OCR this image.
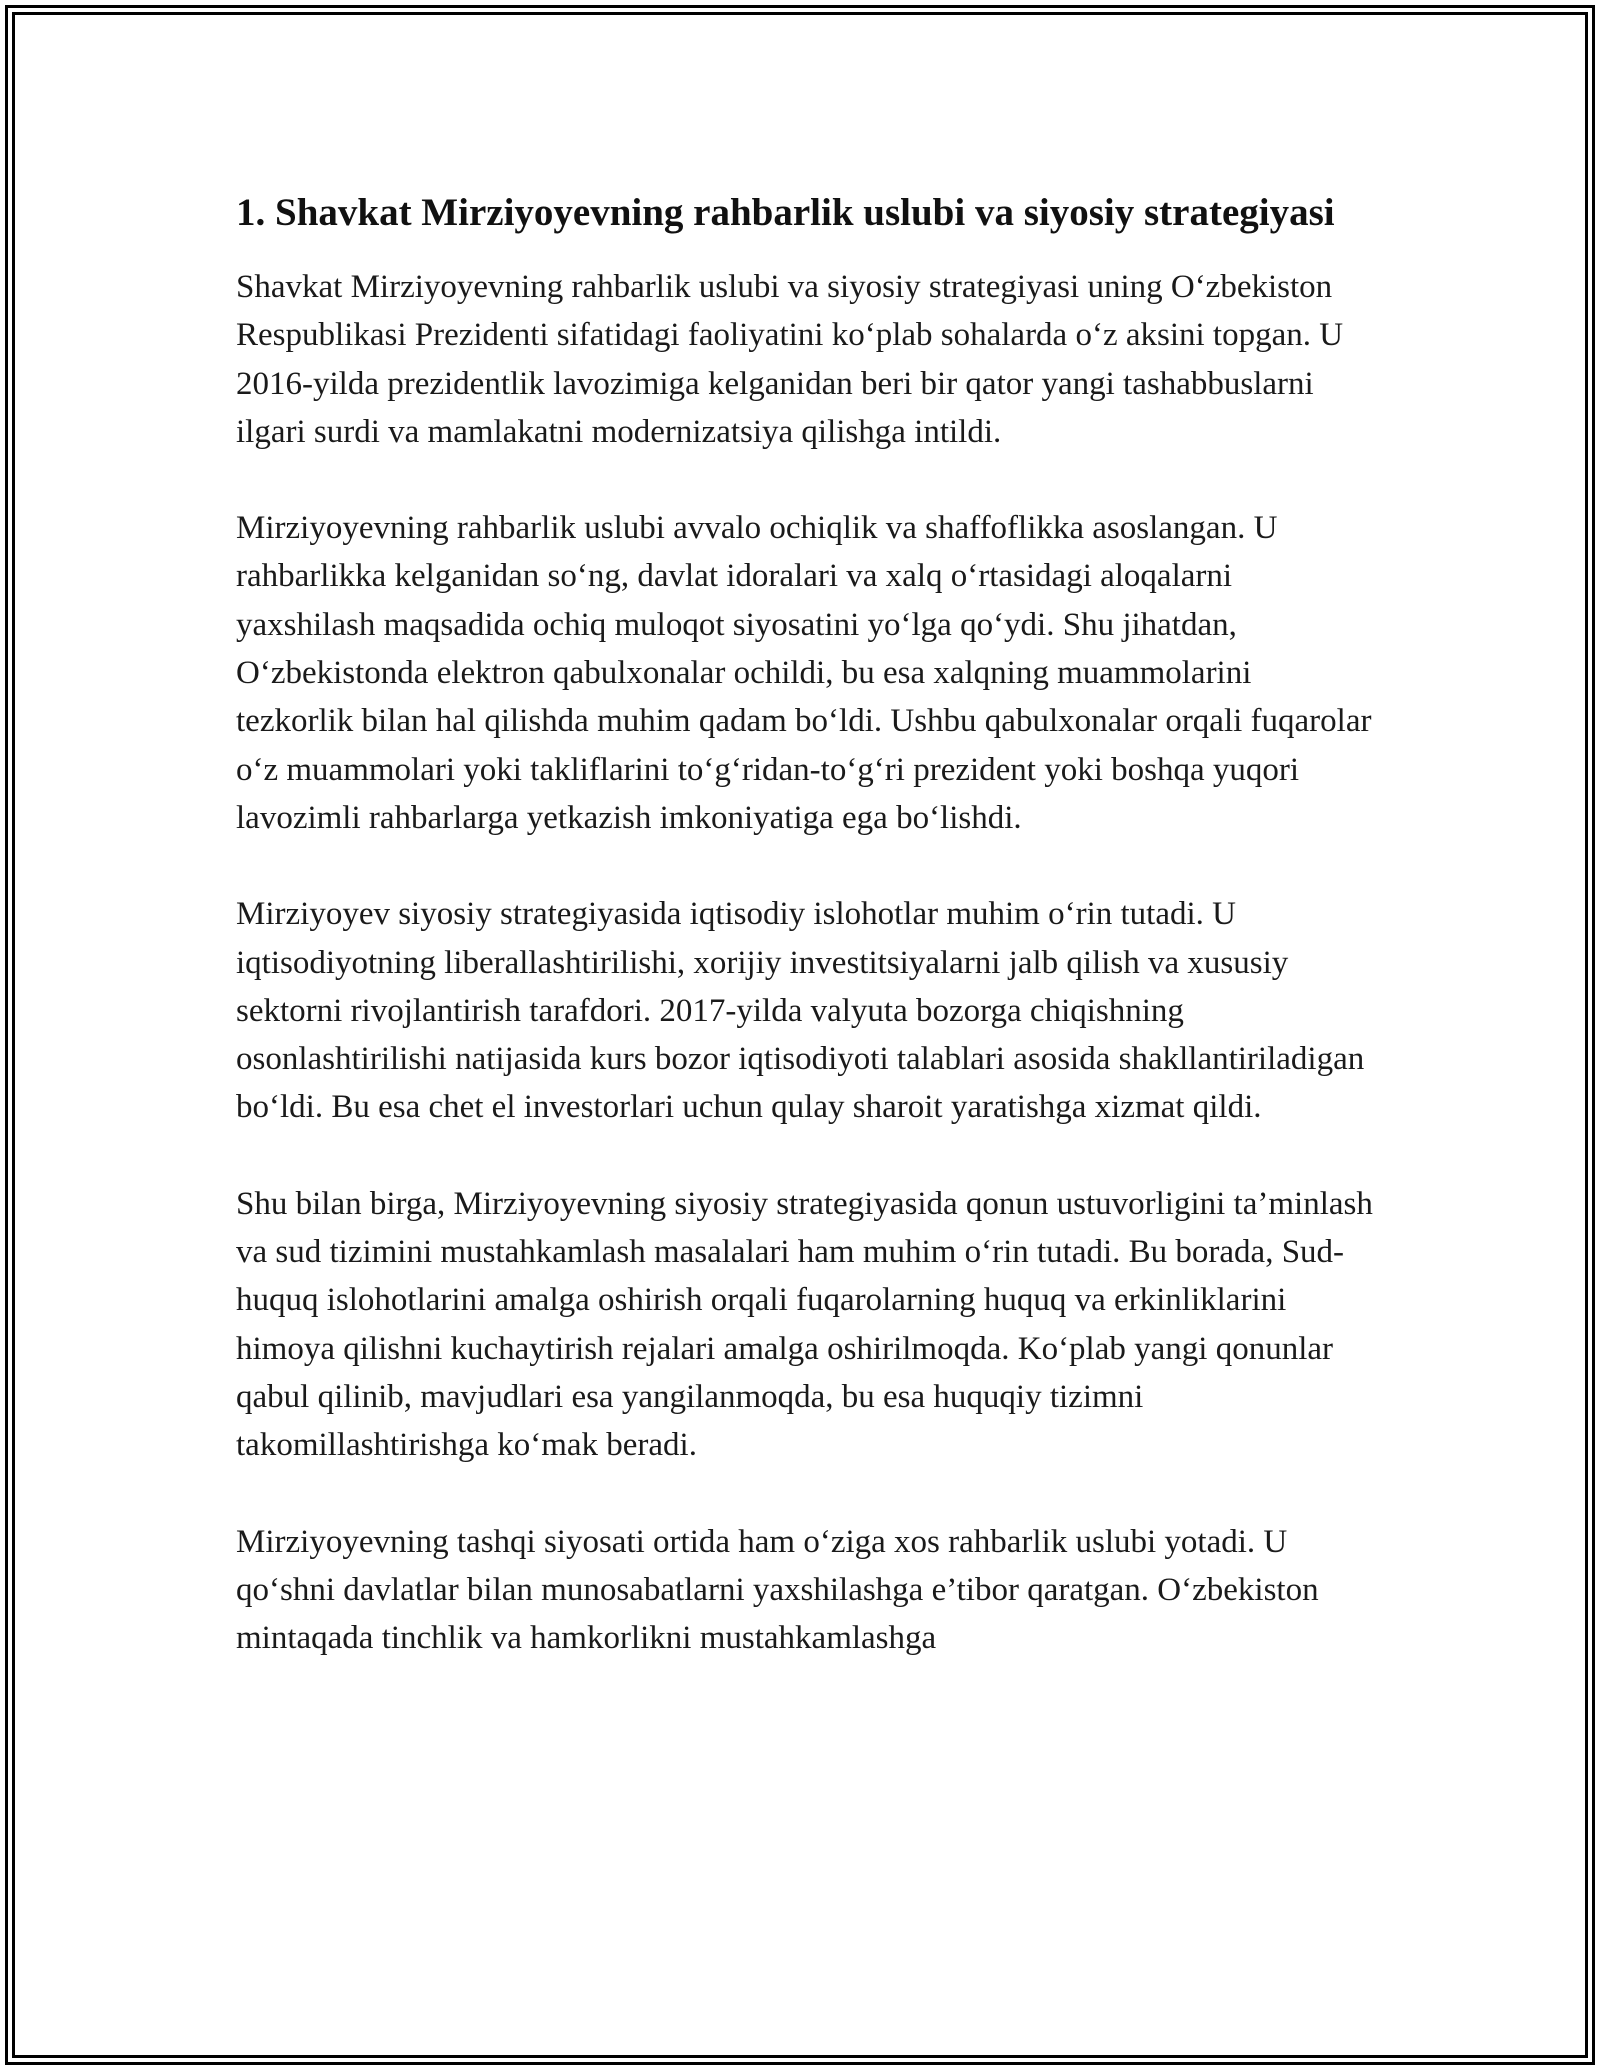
1. Shavkat Mirziyoyevning rahbarlik uslubi va siyosiy strategiyasi

Shavkat Mirziyoyevning rahbarlik uslubi va siyosiy strategiyasi uning O‘zbekiston Respublikasi Prezidenti sifatidagi faoliyatini ko‘plab sohalarda o‘z aksini topgan. U 2016-yilda prezidentlik lavozimiga kelganidan beri bir qator yangi tashabbuslarni ilgari surdi va mamlakatni modernizatsiya qilishga intildi.

Mirziyoyevning rahbarlik uslubi avvalo ochiqlik va shaffoflikka asoslangan. U rahbarlikka kelganidan so‘ng, davlat idoralari va xalq o‘rtasidagi aloqalarni yaxshilash maqsadida ochiq muloqot siyosatini yo‘lga qo‘ydi. Shu jihatdan, O‘zbekistonda elektron qabulxonalar ochildi, bu esa xalqning muammolarini tezkorlik bilan hal qilishda muhim qadam bo‘ldi. Ushbu qabulxonalar orqali fuqarolar o‘z muammolari yoki takliflarini to‘g‘ridan-to‘g‘ri prezident yoki boshqa yuqori lavozimli rahbarlarga yetkazish imkoniyatiga ega bo‘lishdi.

Mirziyoyev siyosiy strategiyasida iqtisodiy islohotlar muhim o‘rin tutadi. U iqtisodiyotning liberallashtirilishi, xorijiy investitsiyalarni jalb qilish va xususiy sektorni rivojlantirish tarafdori. 2017-yilda valyuta bozorga chiqishning osonlashtirilishi natijasida kurs bozor iqtisodiyoti talablari asosida shakllantiriladigan bo‘ldi. Bu esa chet el investorlari uchun qulay sharoit yaratishga xizmat qildi.

Shu bilan birga, Mirziyoyevning siyosiy strategiyasida qonun ustuvorligini ta’minlash va sud tizimini mustahkamlash masalalari ham muhim o‘rin tutadi. Bu borada, Sud-huquq islohotlarini amalga oshirish orqali fuqarolarning huquq va erkinliklarini himoya qilishni kuchaytirish rejalari amalga oshirilmoqda. Ko‘plab yangi qonunlar qabul qilinib, mavjudlari esa yangilanmoqda, bu esa huquqiy tizimni takomillashtirishga ko‘mak beradi.

Mirziyoyevning tashqi siyosati ortida ham o‘ziga xos rahbarlik uslubi yotadi. U qo‘shni davlatlar bilan munosabatlarni yaxshilashga e’tibor qaratgan. O‘zbekiston mintaqada tinchlik va hamkorlikni mustahkamlashga
